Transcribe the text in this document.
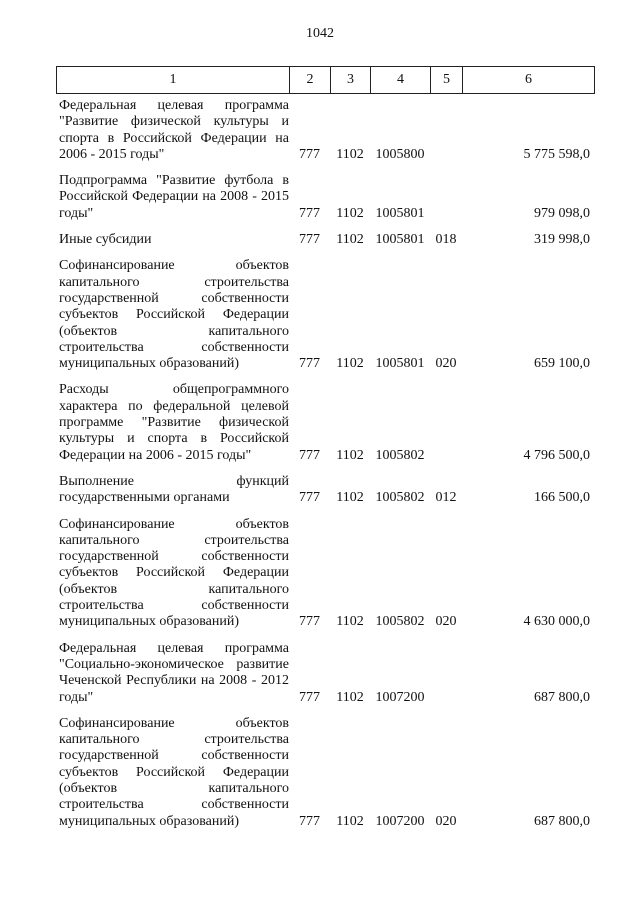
1042
1	2	3	4	5	6
Федеральная целевая программа
"Развитие физической культуры и
спорта в Российской Федерации на
2006 - 2015 годы"	777	1102 1005800	5 775 598,0
Подпрограмма "Развитие футбола в
Российской Федерации на 2008 - 2015
годы"	777	1102 1005801	979 098,0
Иные субсидии	777	1102 1005801 018	319 998,0
Софинансирование объектов
капитального строительства
государственной собственности
субъектов Российской Федерации
(объектов капитального
строительства собственности
муниципальных образований)	777	1102 1005801 020	659 100,0
Расходы общепрограммного
характера по федеральной целевой
программе "Развитие физической
культуры и спорта в Российской
Федерации на 2006 - 2015 годы"	777	1102 1005802	4 796 500,0
Выполнение функций
государственными органами	777	1102 1005802 012	166 500,0
Софинансирование объектов
капитального строительства
государственной собственности
субъектов Российской Федерации
(объектов капитального
строительства собственности
муниципальных образований)	777	1102 1005802 020	4 630 000,0
Федеральная целевая программа
"Социально-экономическое развитие
Чеченской Республики на 2008 - 2012
годы"	777	1102 1007200	687 800,0
Софинансирование объектов
капитального строительства
государственной собственности
субъектов Российской Федерации
(объектов капитального
строительства собственности
муниципальных образований)	777	1102 1007200 020	687 800,0
